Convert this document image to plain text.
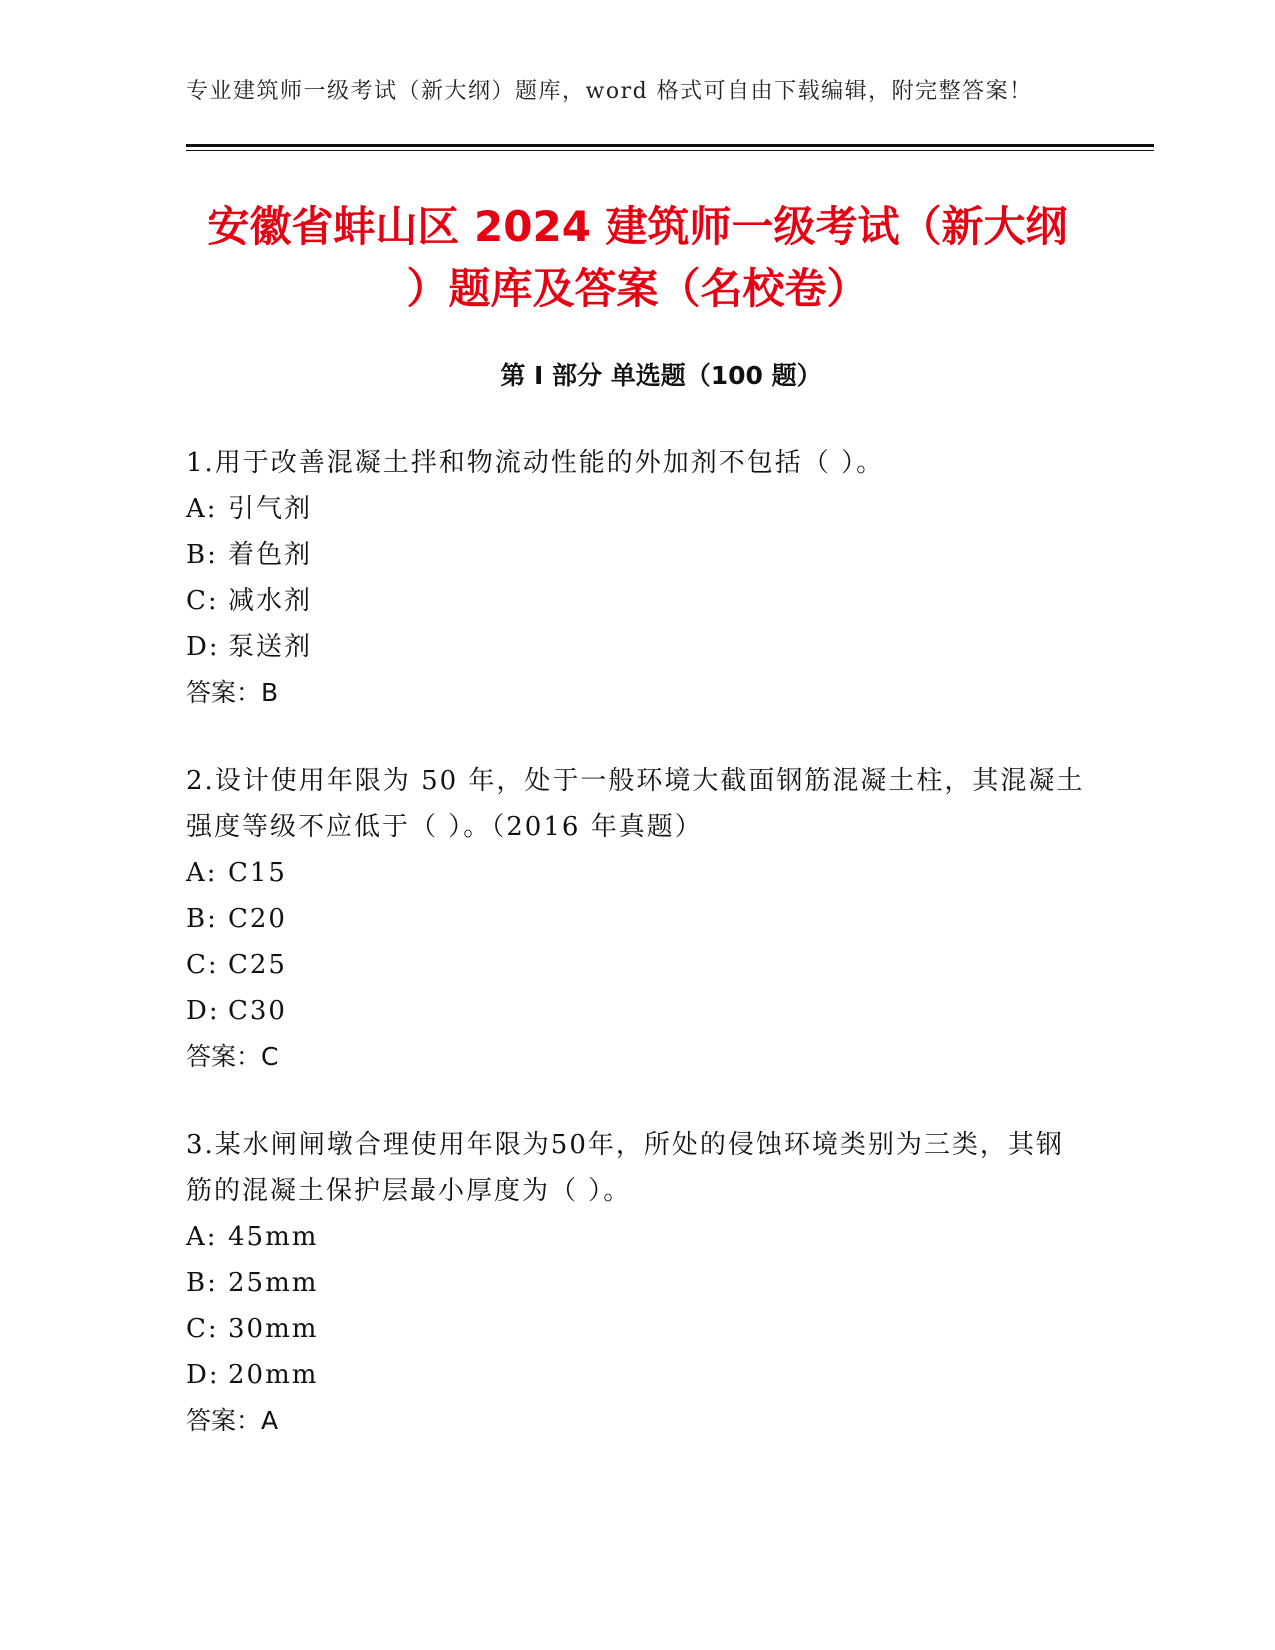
专业建筑师一级考试（新大纲）题库，word 格式可自由下载编辑，附完整答案！
安徽省蚌山区 2024 建筑师一级考试（新大纲
）题库及答案（名校卷）
第 I 部分 单选题（100 题）

1.用于改善混凝土拌和物流动性能的外加剂不包括（ ）。

A: 引气剂

B: 着色剂

C: 减水剂

D: 泵送剂

答案：B

2.设计使用年限为 50 年，处于一般环境大截面钢筋混凝土柱，其混凝土强度等级不应低于（ ）。（2016 年真题）

A: C15

B: C20

C: C25

D: C30

答案：C

3.某水闸闸墩合理使用年限为50年，所处的侵蚀环境类别为三类，其钢筋的混凝土保护层最小厚度为（ ）。

A: 45mm

B: 25mm

C: 30mm

D: 20mm

答案：A
